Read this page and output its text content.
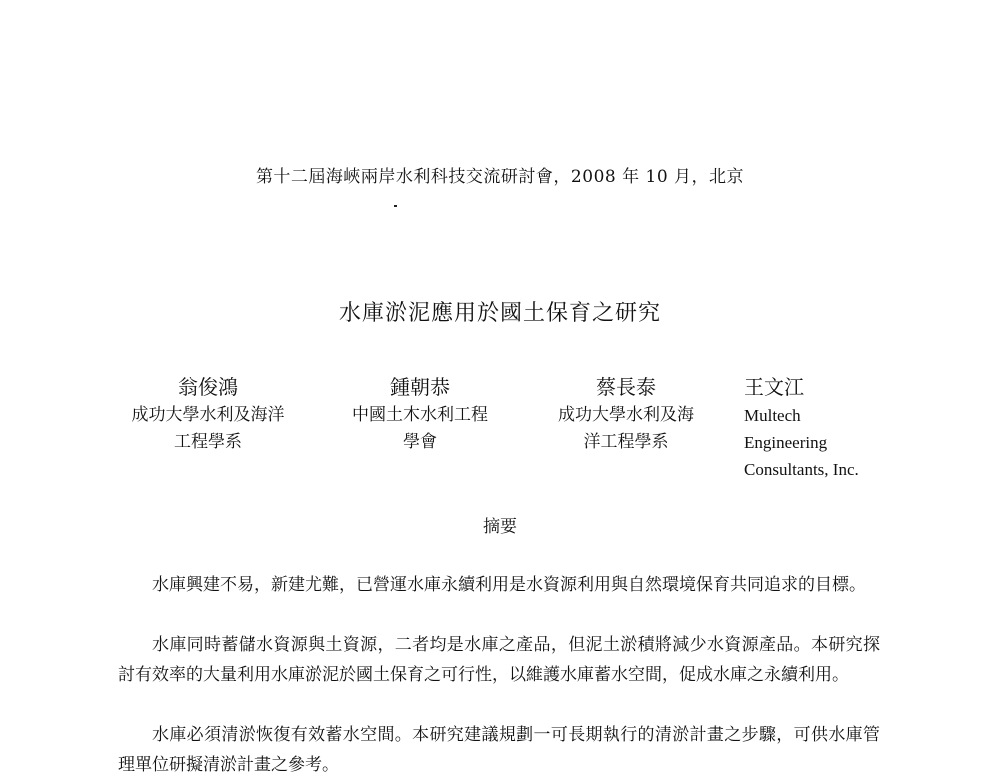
第十二屆海峽兩岸水利科技交流研討會，2008 年 10 月，北京
水庫淤泥應用於國土保育之研究
翁俊鴻
成功大學水利及海洋
工程學系
鍾朝恭
中國土木水利工程
學會
蔡長泰
成功大學水利及海
洋工程學系
王文江
Multech
Engineering
Consultants, Inc.
摘要

水庫興建不易，新建尤難，已營運水庫永續利用是水資源利用與自然環境保育共同追求的目標。

水庫同時蓄儲水資源與土資源，二者均是水庫之產品，但泥土淤積將減少水資源產品。本研究探討有效率的大量利用水庫淤泥於國土保育之可行性，以維護水庫蓄水空間，促成水庫之永續利用。

水庫必須清淤恢復有效蓄水空間。本研究建議規劃一可長期執行的清淤計畫之步驟，可供水庫管理單位研擬清淤計畫之參考。
